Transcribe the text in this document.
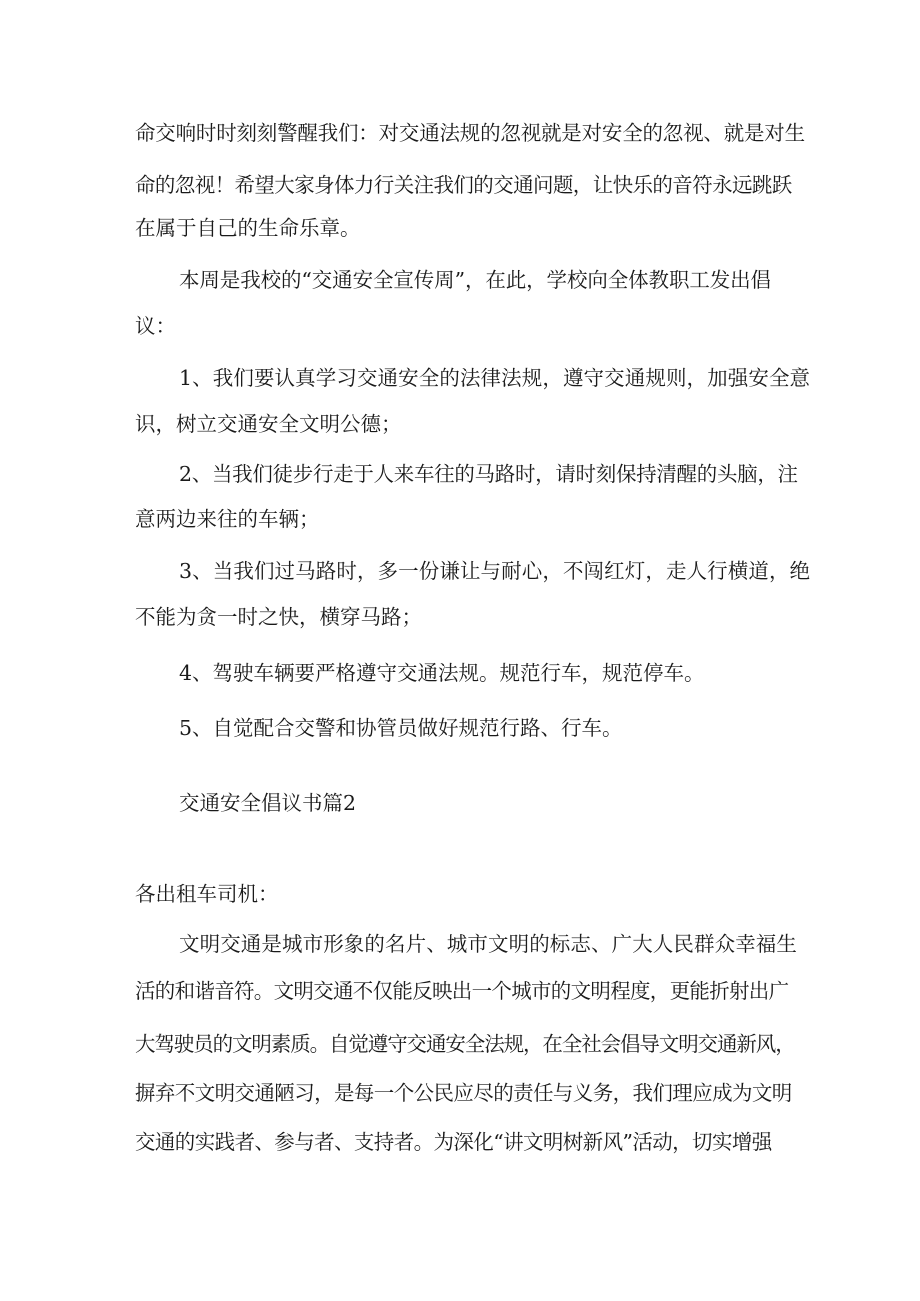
命交响时时刻刻警醒我们：对交通法规的忽视就是对安全的忽视、就是对生

命的忽视！希望大家身体力行关注我们的交通问题，让快乐的音符永远跳跃

在属于自己的生命乐章。

本周是我校的“交通安全宣传周”，在此，学校向全体教职工发出倡

议：

1、我们要认真学习交通安全的法律法规，遵守交通规则，加强安全意

识，树立交通安全文明公德；

2、当我们徒步行走于人来车往的马路时，请时刻保持清醒的头脑，注

意两边来往的车辆；

3、当我们过马路时，多一份谦让与耐心，不闯红灯，走人行横道，绝

不能为贪一时之快，横穿马路；

4、驾驶车辆要严格遵守交通法规。规范行车，规范停车。

5、自觉配合交警和协管员做好规范行路、行车。

交通安全倡议书篇2

各出租车司机：

文明交通是城市形象的名片、城市文明的标志、广大人民群众幸福生

活的和谐音符。文明交通不仅能反映出一个城市的文明程度，更能折射出广

大驾驶员的文明素质。自觉遵守交通安全法规，在全社会倡导文明交通新风，

摒弃不文明交通陋习，是每一个公民应尽的责任与义务，我们理应成为文明

交通的实践者、参与者、支持者。为深化“讲文明树新风”活动，切实增强
